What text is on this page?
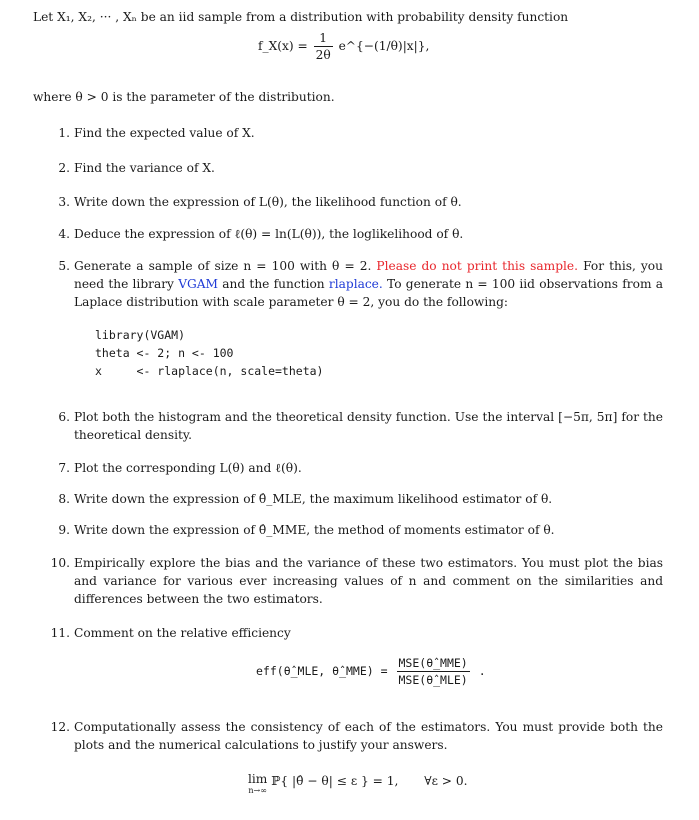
Let X₁, X₂, ··· , Xₙ be an iid sample from a distribution with probability density function
f_X(x) = $\frac{1}{2\theta}$ e^{−(1/θ)|x|},
where θ > 0 is the parameter of the distribution.
1. Find the expected value of X.
2. Find the variance of X.
3. Write down the expression of L(θ), the likelihood function of θ.
4. Deduce the expression of ℓ(θ) = ln(L(θ)), the loglikelihood of θ.
5. Generate a sample of size n = 100 with θ = 2. Please do not print this sample. For this, you need the library VGAM and the function rlaplace. To generate n = 100 iid observations from a Laplace distribution with scale parameter θ = 2, you do the following:
library(VGAM)
theta <- 2; n <- 100
x     <- rlaplace(n, scale=theta)
6. Plot both the histogram and the theoretical density function. Use the interval [−5π, 5π] for the theoretical density.
7. Plot the corresponding L(θ) and ℓ(θ).
8. Write down the expression of θ̂_MLE, the maximum likelihood estimator of θ.
9. Write down the expression of θ̂_MME, the method of moments estimator of θ.
10. Empirically explore the bias and the variance of these two estimators. You must plot the bias and variance for various ever increasing values of n and comment on the similarities and differences between the two estimators.
11. Comment on the relative efficiency
eff(θ̂_MLE, θ̂_MME) = $\frac{\text{MSE(θ̂\_MME)}}{\text{MSE(θ̂\_MLE)}}$ .
12. Computationally assess the consistency of each of the estimators. You must provide both the plots and the numerical calculations to justify your answers.
lim
n→∞
ℙ{ |θ̂ − θ| ≤ ε } = 1, ∀ε > 0.
